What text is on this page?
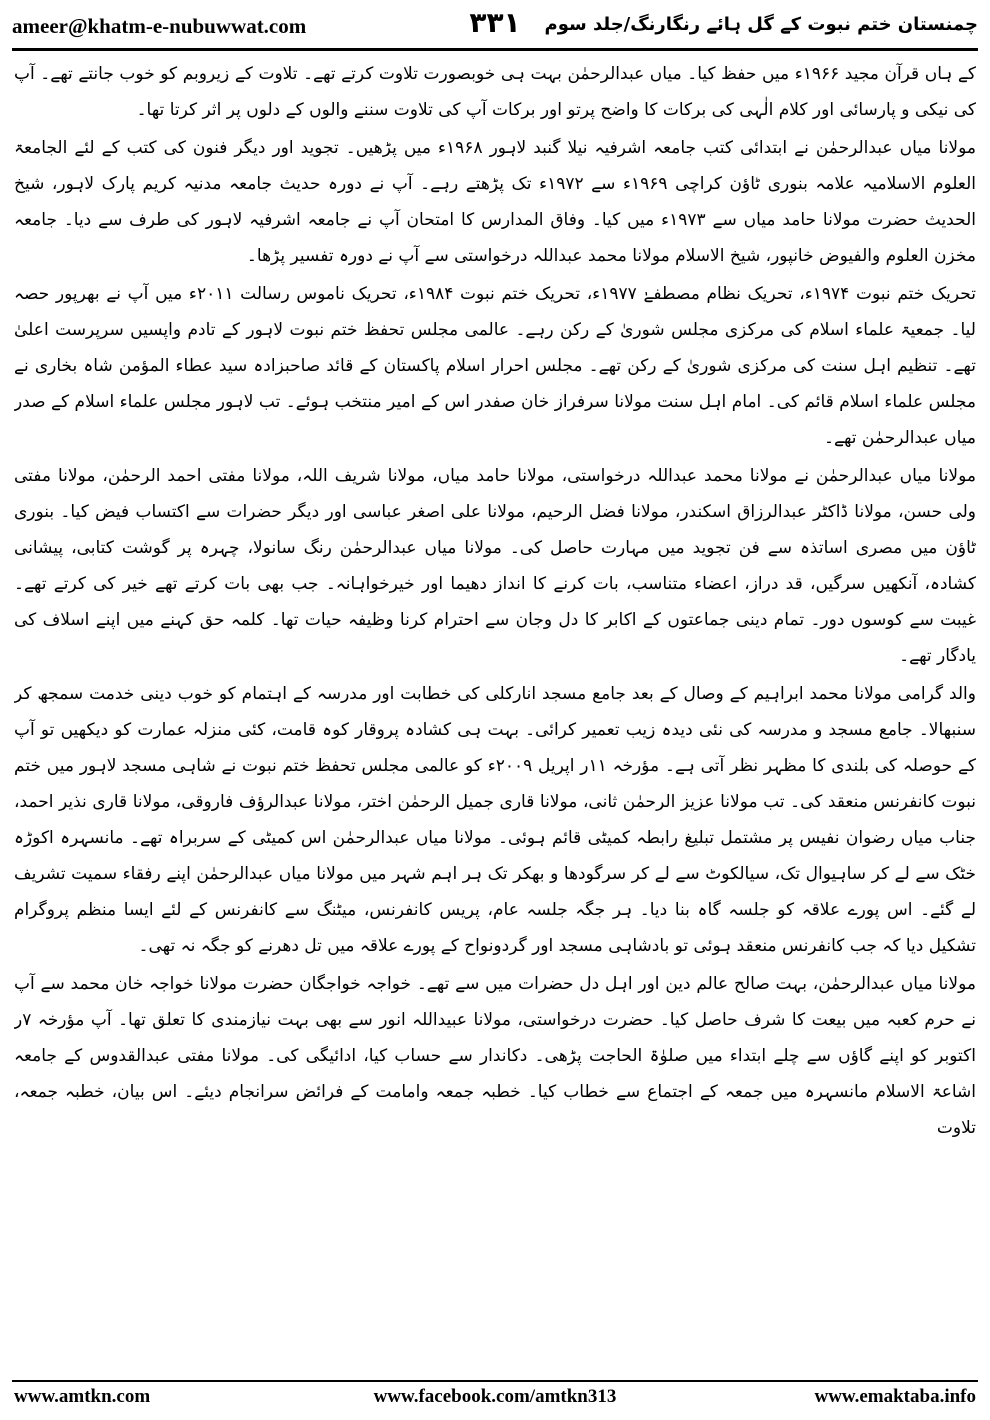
ameer@khatm-e-nubuwwat.com	۳۳۱	چمنستان ختم نبوت کے گل ہائے رنگارنگ/جلد سوم

کے ہاں قرآن مجید ۱۹۶۶ء میں حفظ کیا۔ میاں عبدالرحمٰن بہت ہی خوبصورت تلاوت کرتے تھے۔ تلاوت کے زیروبم کو خوب جانتے تھے۔ آپ کی نیکی و پارسائی اور کلام الٰہی کی برکات کا واضح پرتو اور برکات آپ کی تلاوت سننے والوں کے دلوں پر اثر کرتا تھا۔

مولانا میاں عبدالرحمٰن نے ابتدائی کتب جامعہ اشرفیہ نیلا گنبد لاہور ۱۹۶۸ء میں پڑھیں۔ تجوید اور دیگر فنون کی کتب کے لئے الجامعۃ العلوم الاسلامیہ علامہ بنوری ٹاؤن کراچی ۱۹۶۹ء سے ۱۹۷۲ء تک پڑھتے رہے۔ آپ نے دورہ حدیث جامعہ مدنیہ کریم پارک لاہور، شیخ الحدیث حضرت مولانا حامد میاں سے ۱۹۷۳ء میں کیا۔ وفاق المدارس کا امتحان آپ نے جامعہ اشرفیہ لاہور کی طرف سے دیا۔ جامعہ مخزن العلوم والفیوض خانپور، شیخ الاسلام مولانا محمد عبداللہ درخواستی سے آپ نے دورہ تفسیر پڑھا۔

تحریک ختم نبوت ۱۹۷۴ء، تحریک نظام مصطفےٰ ۱۹۷۷ء، تحریک ختم نبوت ۱۹۸۴ء، تحریک ناموس رسالت ۲۰۱۱ء میں آپ نے بھرپور حصہ لیا۔ جمعیۃ علماء اسلام کی مرکزی مجلس شوریٰ کے رکن رہے۔ عالمی مجلس تحفظ ختم نبوت لاہور کے تادم واپسیں سرپرست اعلیٰ تھے۔ تنظیم اہل سنت کی مرکزی شوریٰ کے رکن تھے۔ مجلس احرار اسلام پاکستان کے قائد صاحبزادہ سید عطاء المؤمن شاہ بخاری نے مجلس علماء اسلام قائم کی۔ امام اہل سنت مولانا سرفراز خان صفدر اس کے امیر منتخب ہوئے۔ تب لاہور مجلس علماء اسلام کے صدر میاں عبدالرحمٰن تھے۔

مولانا میاں عبدالرحمٰن نے مولانا محمد عبداللہ درخواستی، مولانا حامد میاں، مولانا شریف اللہ، مولانا مفتی احمد الرحمٰن، مولانا مفتی ولی حسن، مولانا ڈاکٹر عبدالرزاق اسکندر، مولانا فضل الرحیم، مولانا علی اصغر عباسی اور دیگر حضرات سے اکتساب فیض کیا۔ بنوری ٹاؤن میں مصری اساتذہ سے فن تجوید میں مہارت حاصل کی۔ مولانا میاں عبدالرحمٰن رنگ سانولا، چہرہ پر گوشت کتابی، پیشانی کشادہ، آنکھیں سرگیں، قد دراز، اعضاء متناسب، بات کرنے کا انداز دھیما اور خیرخواہانہ۔ جب بھی بات کرتے تھے خیر کی کرتے تھے۔ غیبت سے کوسوں دور۔ تمام دینی جماعتوں کے اکابر کا دل وجان سے احترام کرنا وظیفہ حیات تھا۔ کلمہ حق کہنے میں اپنے اسلاف کی یادگار تھے۔

والد گرامی مولانا محمد ابراہیم کے وصال کے بعد جامع مسجد انارکلی کی خطابت اور مدرسہ کے اہتمام کو خوب دینی خدمت سمجھ کر سنبھالا۔ جامع مسجد و مدرسہ کی نئی دیدہ زیب تعمیر کرائی۔ بہت ہی کشادہ پروقار کوہ قامت، کئی منزلہ عمارت کو دیکھیں تو آپ کے حوصلہ کی بلندی کا مظہر نظر آتی ہے۔ مؤرخہ ۱۱ر اپریل ۲۰۰۹ء کو عالمی مجلس تحفظ ختم نبوت نے شاہی مسجد لاہور میں ختم نبوت کانفرنس منعقد کی۔ تب مولانا عزیز الرحمٰن ثانی، مولانا قاری جمیل الرحمٰن اختر، مولانا عبدالرؤف فاروقی، مولانا قاری نذیر احمد، جناب میاں رضوان نفیس پر مشتمل تبلیغ رابطہ کمیٹی قائم ہوئی۔ مولانا میاں عبدالرحمٰن اس کمیٹی کے سربراہ تھے۔ مانسہرہ اکوڑہ خٹک سے لے کر ساہیوال تک، سیالکوٹ سے لے کر سرگودھا و بھکر تک ہر اہم شہر میں مولانا میاں عبدالرحمٰن اپنے رفقاء سمیت تشریف لے گئے۔ اس پورے علاقہ کو جلسہ گاہ بنا دیا۔ ہر جگہ جلسہ عام، پریس کانفرنس، میٹنگ سے کانفرنس کے لئے ایسا منظم پروگرام تشکیل دیا کہ جب کانفرنس منعقد ہوئی تو بادشاہی مسجد اور گردونواح کے پورے علاقہ میں تل دھرنے کو جگہ نہ تھی۔

مولانا میاں عبدالرحمٰن، بہت صالح عالم دین اور اہل دل حضرات میں سے تھے۔ خواجہ خواجگان حضرت مولانا خواجہ خان محمد سے آپ نے حرم کعبہ میں بیعت کا شرف حاصل کیا۔ حضرت درخواستی، مولانا عبیداللہ انور سے بھی بہت نیازمندی کا تعلق تھا۔ آپ مؤرخہ ۷ر اکتوبر کو اپنے گاؤں سے چلے ابتداء میں صلوٰۃ الحاجت پڑھی۔ دکاندار سے حساب کیا، ادائیگی کی۔ مولانا مفتی عبدالقدوس کے جامعہ اشاعۃ الاسلام مانسہرہ میں جمعہ کے اجتماع سے خطاب کیا۔ خطبہ جمعہ وامامت کے فرائض سرانجام دیئے۔ اس بیان، خطبہ جمعہ، تلاوت

www.amtkn.com	www.facebook.com/amtkn313	www.emaktaba.info
